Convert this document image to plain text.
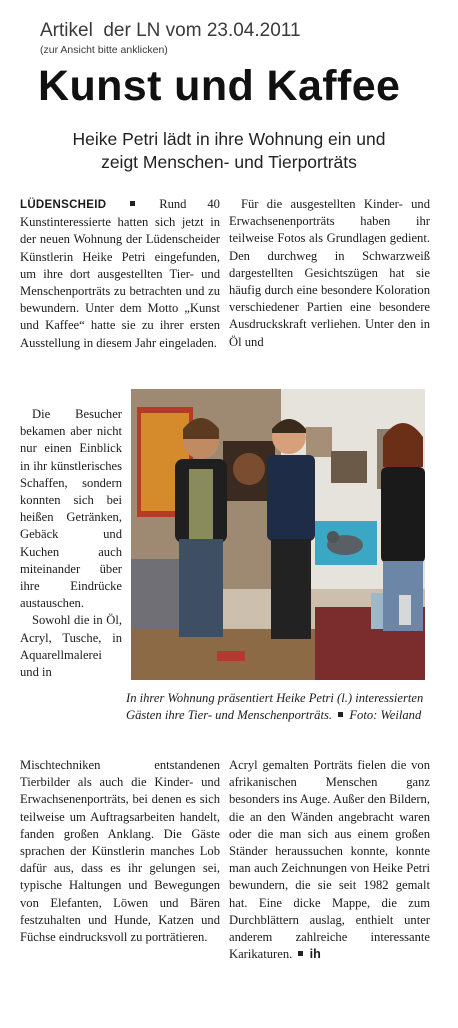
Artikel  der LN vom 23.04.2011
(zur Ansicht bitte anklicken)
Kunst und Kaffee
Heike Petri lädt in ihre Wohnung ein und
zeigt Menschen- und Tierporträts

LÜDENSCHEID	Rund 40 Kunstinteressierte hatten sich jetzt in der neuen Wohnung der Lüdenscheider Künstlerin Heike Petri eingefunden, um ihre dort ausgestellten Tier- und Menschenporträts zu betrachten und zu bewundern. Unter dem Motto „Kunst und Kaffee“ hatte sie zu ihrer ersten Ausstellung in diesem Jahr eingeladen.

Die Besucher bekamen aber nicht nur einen Einblick in ihr künstlerisches Schaffen, sondern konnten sich bei heißen Getränken, Gebäck und Kuchen auch miteinander über ihre Eindrücke austauschen.

Sowohl die in Öl, Acryl, Tusche, in Aquarellmalerei und in

Mischtechniken entstandenen Tierbilder als auch die Kinder- und Erwachsenenporträts, bei denen es sich teilweise um Auftragsarbeiten handelt, fanden großen Anklang. Die Gäste sprachen der Künstlerin manches Lob dafür aus, dass es ihr gelungen sei, typische Haltungen und Bewegungen von Elefanten, Löwen und Bären festzuhalten und Hunde, Katzen und Füchse eindrucksvoll zu porträtieren.

Für die ausgestellten Kinder- und Erwachsenenporträts haben ihr teilweise Fotos als Grundlagen gedient. Den durchweg in Schwarzweiß dargestellten Gesichtszügen hat sie häufig durch eine besondere Koloration verschiedener Partien eine besondere Ausdruckskraft verliehen. Unter den in Öl und

In ihrer Wohnung präsentiert Heike Petri (l.) interessierten Gästen ihre Tier- und Menschenporträts. Foto: Weiland

Acryl gemalten Porträts fielen die von afrikanischen Menschen ganz besonders ins Auge. Außer den Bildern, die an den Wänden angebracht waren oder die man sich aus einem großen Ständer heraussuchen konnte, konnte man auch Zeichnungen von Heike Petri bewundern, die sie seit 1982 gemalt hat. Eine dicke Mappe, die zum Durchblättern auslag, enthielt unter anderem zahlreiche interessante Karikaturen. ih
